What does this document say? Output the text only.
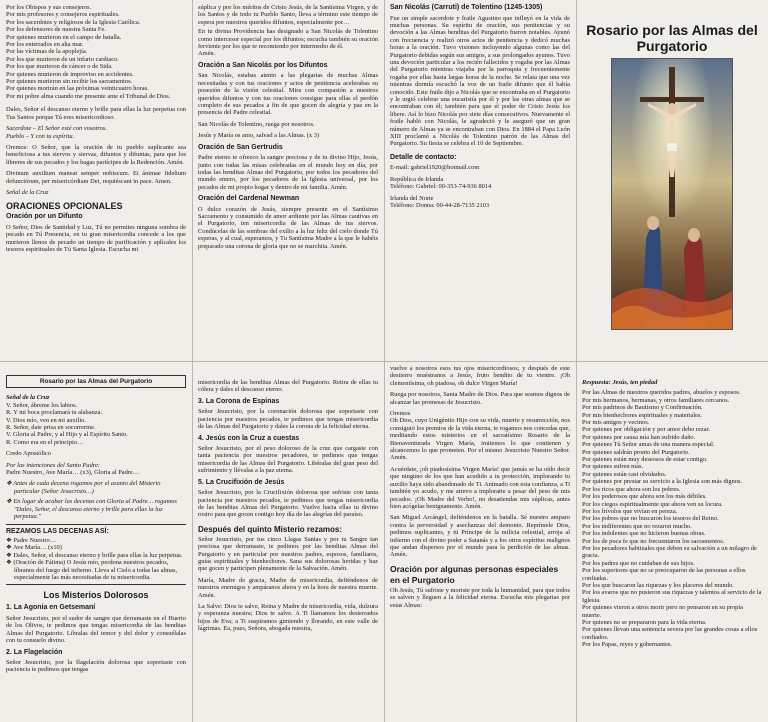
Por los Obispos y sus consejeros.
Por mis profesores y consejeros espirituales.
Por los sacerdotes y religiosos de la Iglesia Católica.
Por los defensores de nuestra Santa Fe.
Por quienes murieron en el campo de batalla.
Por los enterrados en alta mar.
Por las víctimas de la apoplejía.
Por los que murieron de un infarto cardiaco.
Por los que murieron de cáncer o de Sida.
Por quienes murieron de improviso en accidentes.
Por quienes murieron sin recibir los sacramentos.
Por quienes morirán en las próximas veinticuatro horas.
Por mi pobre alma cuando me presente ante el Tribunal de Dios.
Dales, Señor el descanso eterno y brille para ellas la luz perpetua con Tus Santos porque Tú eres misericordioso.
Sacerdote – El Señor esté con vosotros.
Pueblo – Y con tu espíritu.
Oremos: O Señor, que la oración de tu pueblo suplicante sea beneficiosa a tus siervos y siervas, difuntos y difuntas, para que los libreres de sus pecados y los hagas partícipes de la Redención. Amén.
Divinum auxilium maneat semper nobiscum. Et ánimae fidelium defunctórum, per misericórdiam Dei, requiéscant in pace. Amen.
Señal de la Cruz
ORACIONES OPCIONALES
Oración por un Difunto
O Señor, Dios de Santidad y Luz, Tú no permites ninguna sombra de pecado en Tú Presencia, en tu gran misericordia concede a los que murieron llenos de pecado un tiempo de purificación y aplícales los tesoros espirituales de Tú Santa Iglesia. Escucha mi
súplica y por los méritos de Cristo Jesús, de la Santísima Virgen, y de los Santos y de todo tu Pueblo Santo, lleva a término este tiempo de espera por nuestros queridos difuntos, especialmente por…
En tu divina Providencia has designado a San Nicolás de Tolentino como intercesor especial por los difuntos; escucha también su oración ferviente por los que te recomiendo por intermedio de él.
Amén.
Oración a San Nicolás por los Difuntos
San Nicolás, estabas atento a las plegarias de muchas Almas necesitadas y con tus oraciones y actos de penitencia acelerabas su posesión de la visión celestial. Mira con compasión a nuestros queridos difuntos y con tus oraciones consigue para ellas el perdón completo de sus pecados a fin de que gocen de alegría y paz en la presencia del Padre celestial.
San Nicolás de Tolentino, ruega por nosotros.
Jesús y María os amo, salvad a las Almas. (x 3)
Oración de San Gertrudis
Padre eterno te ofrezco la sangre preciosa y de tu divino Hijo, Jesús, junto con todas las misas celebradas en el mundo hoy en día, por todas las benditas Almas del Purgatorio, por todos los pecadores del mundo entero, por los pecadores de la Iglesia universal, por los pecados de mi propio hogar y dentro de mi familia. Amén.
Oración del Cardenal Newman
O dulce corazón de Jesús, siempre presente en el Santísimo Sacramento y consumido de amor ardiente por las Almas cautivas en el Purgatorio, ten misericordia de las Almas de tus siervos. Condúcelas de las sombras del exilio a la luz feliz del cielo donde Tú esperas, y al cual, esperamos, y Tu Santísima Madre a la que le habéis preparado una corona de gloria que no se marchita. Amén.
San Nicolás (Carruti) de Tolentino (1245-1305)
Fue un simple sacerdote y fraile Agustino que influyó en la vida de muchas personas. Su espíritu de oración, sus penitencias y su devoción a las Almas benditas del Purgatorio fueron notables. Ayunó con frecuencia y realizó otros actos de penitencia y dedicó muchas horas a la oración. Tuvo visiones incluyendo algunas como las del Purgatorio debidas según sus amigos, a sus prolongados ayunos. Tuvo una devoción particular a los recién fallecidos y rogaba por las Almas del Purgatorio mientras viajaba por la parroquia y frecuentemente rogaba por ellas hasta largas horas de la noche. Se relata que una vez mientras dormía escuchó la voz de un fraile difunto que él había conocido. Este fraile dijo a Nicolás que se encontraba en el Purgatorio y le urgió celebrar una eucaristía por él y por las otras almas que se encontraban con él; también para que el poder de Cristo Jesús los libere. Así lo hizo Nicolás por siete días consecutivos. Nuevamente el fraile habló con Nicolás, le agradeció y le aseguró que un gran número de Almas ya se encontraban con Dios. En 1884 el Papa León XIII proclamó a Nicolás de Tolentino patrón de las Almas del Purgatorio. Su fiesta se celebra el 10 de Septiembre.
Detalle de contacto:
E-mail: gabriel1920@hotmail.com
República de Irlanda
Teléfono: Gabriel: 00-353-74-936 8014
Irlanda del Norte
Teléfono: Donna: 00-44-28-7135 2103
Rosario por las Almas del Purgatorio
Rosario por las Almas del Purgatorio
Señal de la Cruz
V. Señor, ábreme los labios.
R. Y mi boca proclamará tu alabanza.
V. Dios mío, ven en mi auxilio.
R. Señor, date prisa en socorrerme.
V. Gloria al Padre, y al Hijo y al Espíritu Santo.
R. Como era en el principio…
Credo Apostólico
Por las intenciones del Santo Padre:
Padre Nuestro, Ave María… (x3), Gloria al Padre…
❖ Antes de cada decena rogamos por el asunto del Misterio particular (Señor Jesucristo…)
❖ En lugar de acabar las decenas con Gloria al Padre… rogamos "Dales, Señor, el descanso eterno y brille para ellas la luz perpetua."
REZAMOS LAS DECENAS ASÍ:
❖ Padre Nuestro…
❖ Ave María… (x10)
❖ Dales, Señor, el descanso eterno y brille para ellas la luz perpetua.
❖ (Oración de Fátima) O Jesús mío, perdona nuestros pecados, líbranos del fuego del infierno. Lleva al Cielo a todas las almas, especialmente las más necesitadas de tu misericordia.
Los Misterios Dolorosos
1. La Agonía en Getsemaní
Señor Jesucristo, por el sudor de sangre que derramaste en el Huerto de los Olivos, te pedimos que tengas misericordia de las benditas Almas del Purgatorio. Líbralas del temor y del dolor y consuélalas con tu consuelo divino.
2. La Flagelación
Señor Jesucristo, por la flagelación dolorosa que soportaste con paciencia te pedimos que tengas
misericordia de las benditas Almas del Purgatorio. Retira de ellas tu cólera y dales el descanso eterno.
3. La Corona de Espinas
Señor Jesucristo, por la coronación dolorosa que soportaste con paciencia por nuestros pecados, te pedimos que tengas misericordia de las Almas del Purgatorio y dales la corona de la felicidad eterna.
4. Jesús con la Cruz a cuestas
Señor Jesucristo, por el peso doloroso de la cruz que cargaste con tanta paciencia por nuestros pecadores, te pedimos que tengas misericordia de las Almas del Purgatorio. Libéralas del gran peso del sufrimiento y llévalas a la paz eterna.
5. La Crucifixión de Jesús
Señor Jesucristo, por la Crucifixión dolorosa que sufriste con tanta paciencia por nuestros pecados, te pedimos que tengas misericordia de las benditas Almas del Purgatorio. Vuelve hacia ellas tu divino rostro para que gocen contigo hoy día de las alegrías del paraíso.
Después del quinto Misterio rezamos:
Señor Jesucristo, por tus cinco Llagas Santas y por tu Sangre tan preciosa que derramaste, te pedimos por las benditas Almas del Purgatorio y en particular por nuestros padres, esposos, familiares, guías espirituales y bienhechores. Sana sus dolorosas heridas y haz que gocen y participen plenamente de la Salvación. Amén.
María, Madre de gracia, Madre de misericordia, defiéndenos de nuestros enemigos y ampáranos ahora y en la hora de nuestra muerte. Amén.
La Salve: Dios te salve, Reina y Madre de misericordia, vida, dulzura y esperanza nuestra; Dios te salve. A Ti llamamos los desterrados hijos de Eva; a Ti suspiramos gimiendo y llorando, en este valle de lágrimas. Ea, pues, Señora, abogada nuestra,
vuelve a nosotros esos tus ojos misericordiosos; y después de este destierro muéstranos a Jesús, fruto bendito de tu vientre. ¡Oh clementísima, oh piadosa, oh dulce Virgen María!
Ruega por nosotros, Santa Madre de Dios. Para que seamos dignos de alcanzar las promesas de Jesucristo.
Oremos
Oh Dios, cuyo Unigénito Hijo con su vida, muerte y resurrección, nos consiguió los premios de la vida eterna, te rogamos nos concedas que, meditando estos misterios en el sacratísimo Rosario de la Bienaventurada Virgen María, imitemos lo que contienen y alcancemos lo que prometen. Por el mismo Jesucristo Nuestro Señor. Amén.
Acuérdate, ¡oh piadosísima Virgen María! que jamás se ha oído decir que ninguno de los que han acudido a tu protección, implorando tu auxilio haya sido abandonado de Ti. Animado con esta confianza, a Ti también yo acudo, y me atrevo a implorarte a pesar del peso de mis pecados. ¡Oh Madre del Verbo!, no desatiendas mis súplicas, antes bien acógelas benignamente. Amén.
San Miguel Arcángel, defiéndenos en la batalla. Sé nuestro amparo contra la perversidad y asechanzas del demonio. Reprímele Dios, pedimos suplicantes, y tú Príncipe de la milicia celestial, arroja al infierno con el divino poder a Satanás y a los otros espíritus malignos que andan dispersos por el mundo para la perdición de las almas. Amén.
Oración por algunas personas especiales en el Purgatorio
Oh Jesús, Tú sufriste y moriste por toda la humanidad, para que todos se salven y lleguen a la felicidad eterna. Escucha mis plegarias por estas Almas:
Respuesta: Jesús, ten piedad
Por las Almas de nuestros queridos padres, abuelos y esposos.
Por mis hermanos, hermanas, y otros familiares cercanos.
Por mis padrinos de Bautismo y Confirmación.
Por mis bienhechores espirituales y materiales.
Por mis amigos y vecinos.
Por quienes por obligación y por amor debo rezar.
Por quienes por causa mía han sufrido daño.
Por quienes Tú Señor amas de una manera especial.
Por quienes saldrán pronto del Purgatorio.
Por quienes están muy deseosos de estar contigo.
Por quienes sufren más.
Por quienes están casi olvidados.
Por quienes por prestar su servicio a la Iglesia son más dignos.
Por los ricos que ahora son los pobres.
Por los poderosos que ahora son los más débiles.
Por los ciegos espiritualmente que ahora ven su locura.
Por los frívolos que vivían en pereza.
Por los pobres que no buscaron los tesoros del Reino.
Por los indiferentes que no rezaron mucho.
Por los indolentes que no hicieron buenas obras.
Por los de poca fe que no frecuentaron los sacramentos.
Por los pecadores habituales que deben su salvación a un milagro de gracia.
Por los padres que no cuidaban de sus hijos.
Por los superiores que no se preocuparon de las personas a ellos confiadas.
Por los que buscaron las riquezas y los placeres del mundo.
Por los avaros que no pusieron sus riquezas y talentos al servicio de la Iglesia.
Por quienes vieron a otros morir pero no pensaron en su propia muerte.
Por quienes no se prepararon para la vida eterna.
Por quienes llevan una sentencia severa por las grandes cosas a ellos confiados.
Por los Papas, reyes y gobernantes.
